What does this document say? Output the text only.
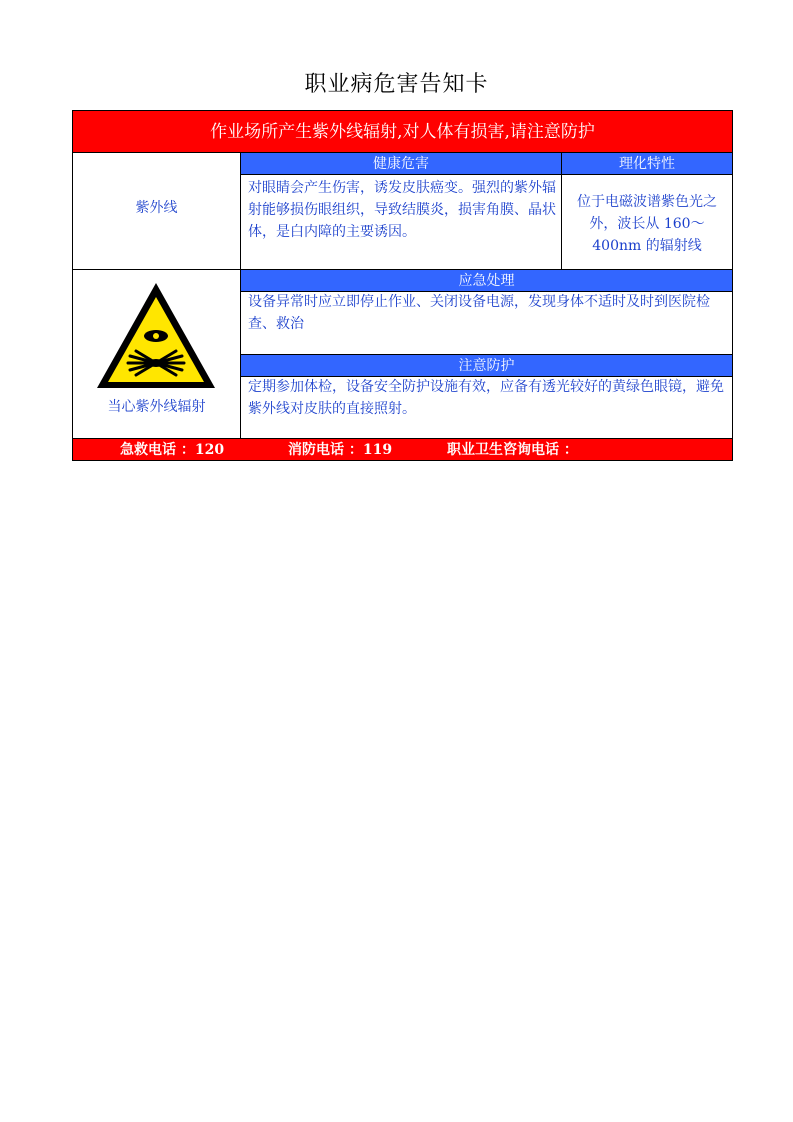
职业病危害告知卡
作业场所产生紫外线辐射,对人体有损害,请注意防护
紫外线
健康危害
对眼睛会产生伤害，诱发皮肤癌变。强烈的紫外辐射能够损伤眼组织，导致结膜炎，损害角膜、晶状体，是白内障的主要诱因。
理化特性
位于电磁波谱紫色光之外，波长从 160～400nm 的辐射线
当心紫外线辐射
应急处理
设备异常时应立即停止作业、关闭设备电源，发现身体不适时及时到医院检查、救治
注意防护
定期参加体检，设备安全防护设施有效，应备有透光较好的黄绿色眼镜，避免紫外线对皮肤的直接照射。
急救电话 ：120	消防电话 ：119	职业卫生咨询电话 ：
